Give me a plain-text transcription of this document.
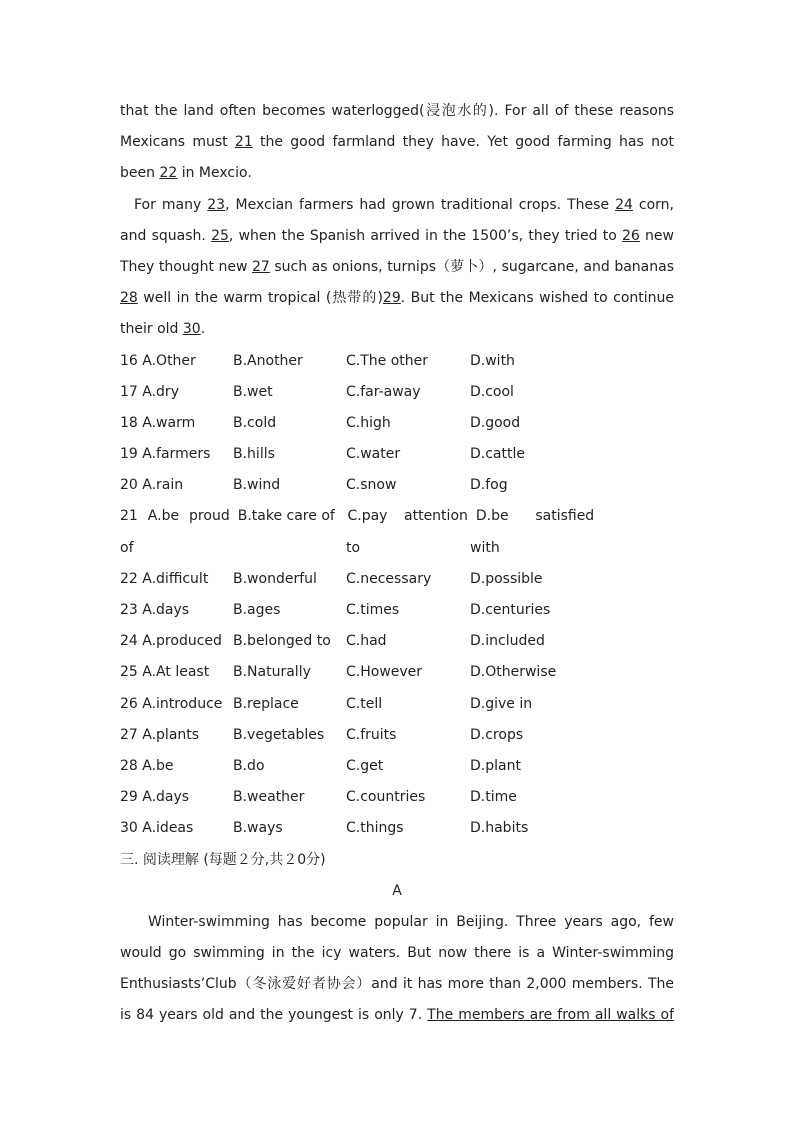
that the land often becomes waterlogged(浸泡水的). For all of these reasons
Mexicans must 21 the good farmland they have. Yet good farming has not
been 22 in Mexcio.
For many 23, Mexcian farmers had grown traditional crops. These 24 corn,
and squash. 25, when the Spanish arrived in the 1500’s, they tried to 26 new
They thought new 27 such as onions, turnips（萝卜）, sugarcane, and bananas
28 well in the warm tropical (热带的)29. But the Mexicans wished to continue
their old 30.
16 A.Other	B.Another	C.The other	D.with
17 A.dry	B.wet	C.far-away	D.cool
18 A.warm	B.cold	C.high	D.good
19 A.farmers	B.hills	C.water	D.cattle
20 A.rain	B.wind	C.snow	D.fog
21 A.be proud B.take care of C.pay attention D.be satisfied
of	to	with
22 A.difficult	B.wonderful	C.necessary	D.possible
23 A.days	B.ages	C.times	D.centuries
24 A.produced B.belonged to	C.had	D.included
25 A.At least	B.Naturally	C.However	D.Otherwise
26 A.introduce B.replace	C.tell	D.give in
27 A.plants	B.vegetables	C.fruits	D.crops
28 A.be	B.do	C.get	D.plant
29 A.days	B.weather	C.countries	D.time
30 A.ideas	B.ways	C.things	D.habits
三. 阅读理解 (每题２分,共２0分)
A
Winter-swimming has become popular in Beijing. Three years ago, few
would go swimming in the icy waters. But now there is a Winter-swimming
Enthusiasts’Club（冬泳爱好者协会）and it has more than 2,000 members. The
is 84 years old and the youngest is only 7. The members are from all walks of
